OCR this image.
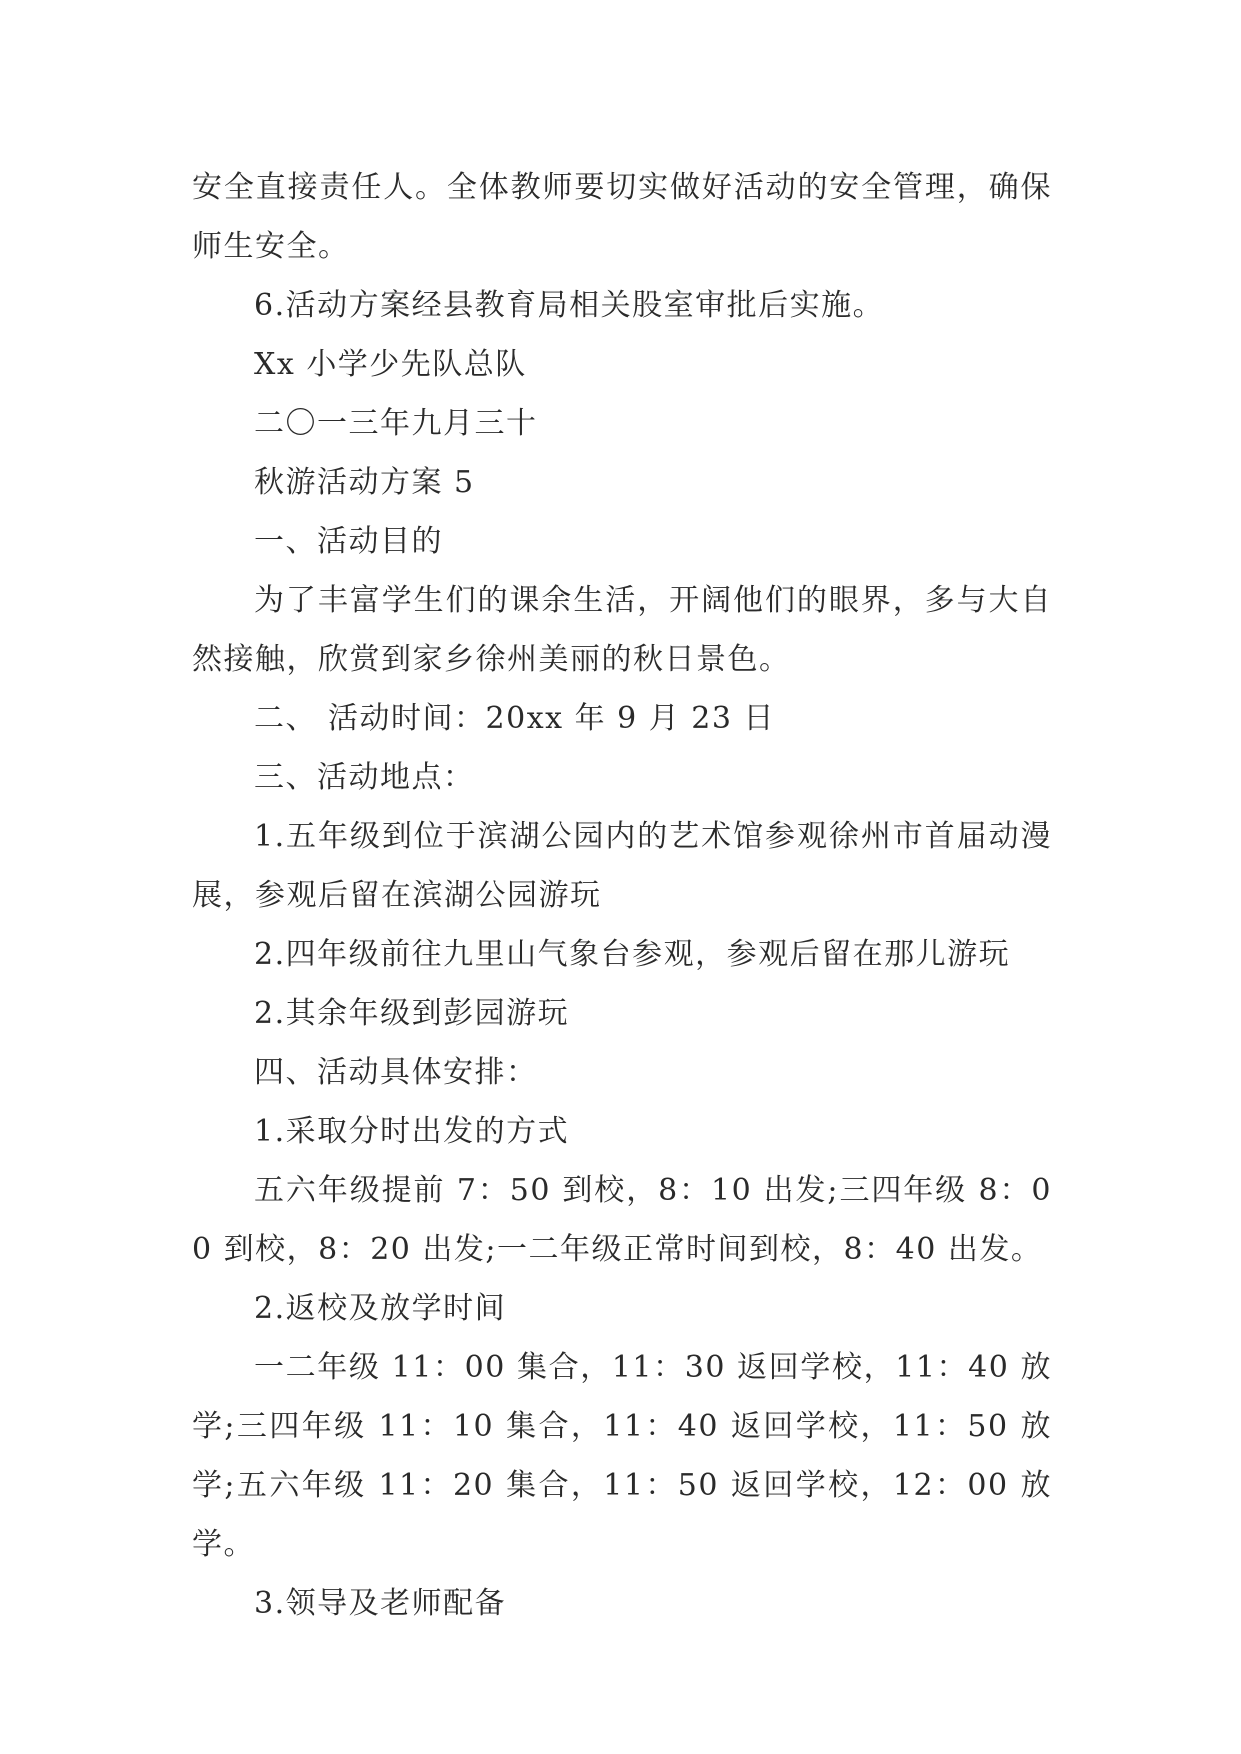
安全直接责任人。全体教师要切实做好活动的安全管理，确保师生安全。

6.活动方案经县教育局相关股室审批后实施。

Xx 小学少先队总队

二〇一三年九月三十

秋游活动方案 5

一、活动目的

为了丰富学生们的课余生活，开阔他们的眼界，多与大自然接触，欣赏到家乡徐州美丽的秋日景色。

二、 活动时间：20xx 年 9 月 23 日

三、活动地点：

1.五年级到位于滨湖公园内的艺术馆参观徐州市首届动漫展，参观后留在滨湖公园游玩

2.四年级前往九里山气象台参观，参观后留在那儿游玩

2.其余年级到彭园游玩

四、活动具体安排：

1.采取分时出发的方式

五六年级提前 7：50 到校，8：10 出发;三四年级 8：00 到校，8：20 出发;一二年级正常时间到校，8：40 出发。

2.返校及放学时间

一二年级 11：00 集合，11：30 返回学校，11：40 放学;三四年级 11：10 集合，11：40 返回学校，11：50 放学;五六年级 11：20 集合，11：50 返回学校，12：00 放学。

3.领导及老师配备
